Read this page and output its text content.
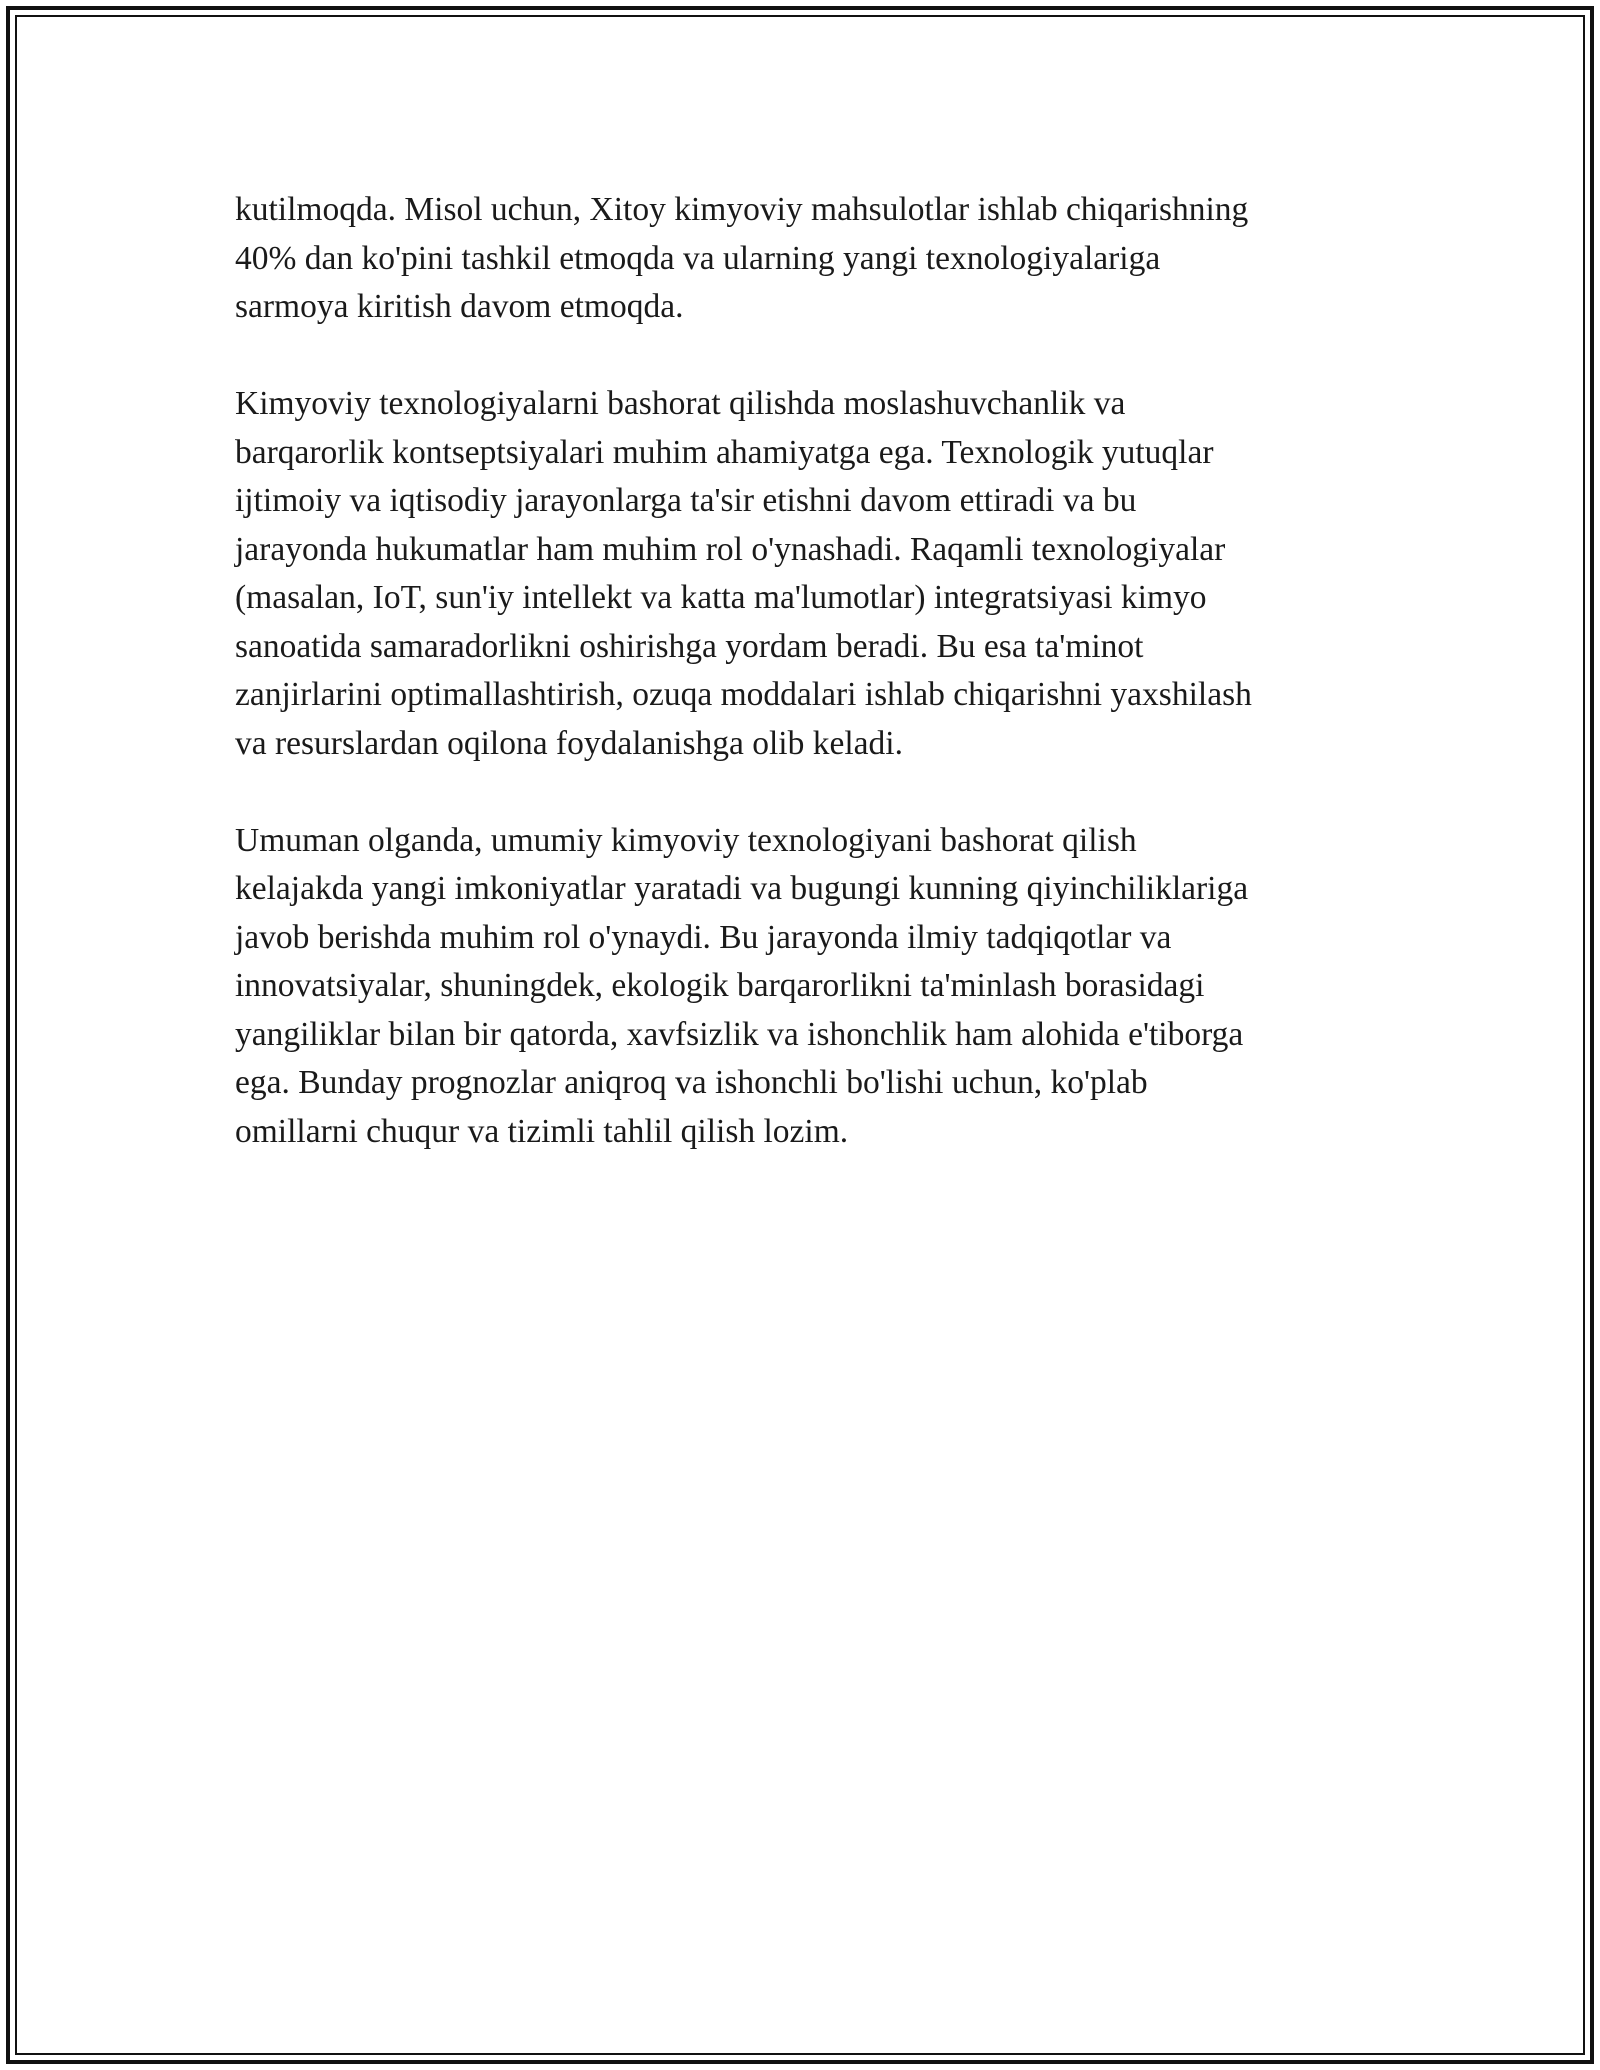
kutilmoqda. Misol uchun, Xitoy kimyoviy mahsulotlar ishlab chiqarishning
40% dan ko'pini tashkil etmoqda va ularning yangi texnologiyalariga
sarmoya kiritish davom etmoqda.

Kimyoviy texnologiyalarni bashorat qilishda moslashuvchanlik va
barqarorlik kontseptsiyalari muhim ahamiyatga ega. Texnologik yutuqlar
ijtimoiy va iqtisodiy jarayonlarga ta'sir etishni davom ettiradi va bu
jarayonda hukumatlar ham muhim rol o'ynashadi. Raqamli texnologiyalar
(masalan, IoT, sun'iy intellekt va katta ma'lumotlar) integratsiyasi kimyo
sanoatida samaradorlikni oshirishga yordam beradi. Bu esa ta'minot
zanjirlarini optimallashtirish, ozuqa moddalari ishlab chiqarishni yaxshilash
va resurslardan oqilona foydalanishga olib keladi.

Umuman olganda, umumiy kimyoviy texnologiyani bashorat qilish
kelajakda yangi imkoniyatlar yaratadi va bugungi kunning qiyinchiliklariga
javob berishda muhim rol o'ynaydi. Bu jarayonda ilmiy tadqiqotlar va
innovatsiyalar, shuningdek, ekologik barqarorlikni ta'minlash borasidagi
yangiliklar bilan bir qatorda, xavfsizlik va ishonchlik ham alohida e'tiborga
ega. Bunday prognozlar aniqroq va ishonchli bo'lishi uchun, ko'plab
omillarni chuqur va tizimli tahlil qilish lozim.
